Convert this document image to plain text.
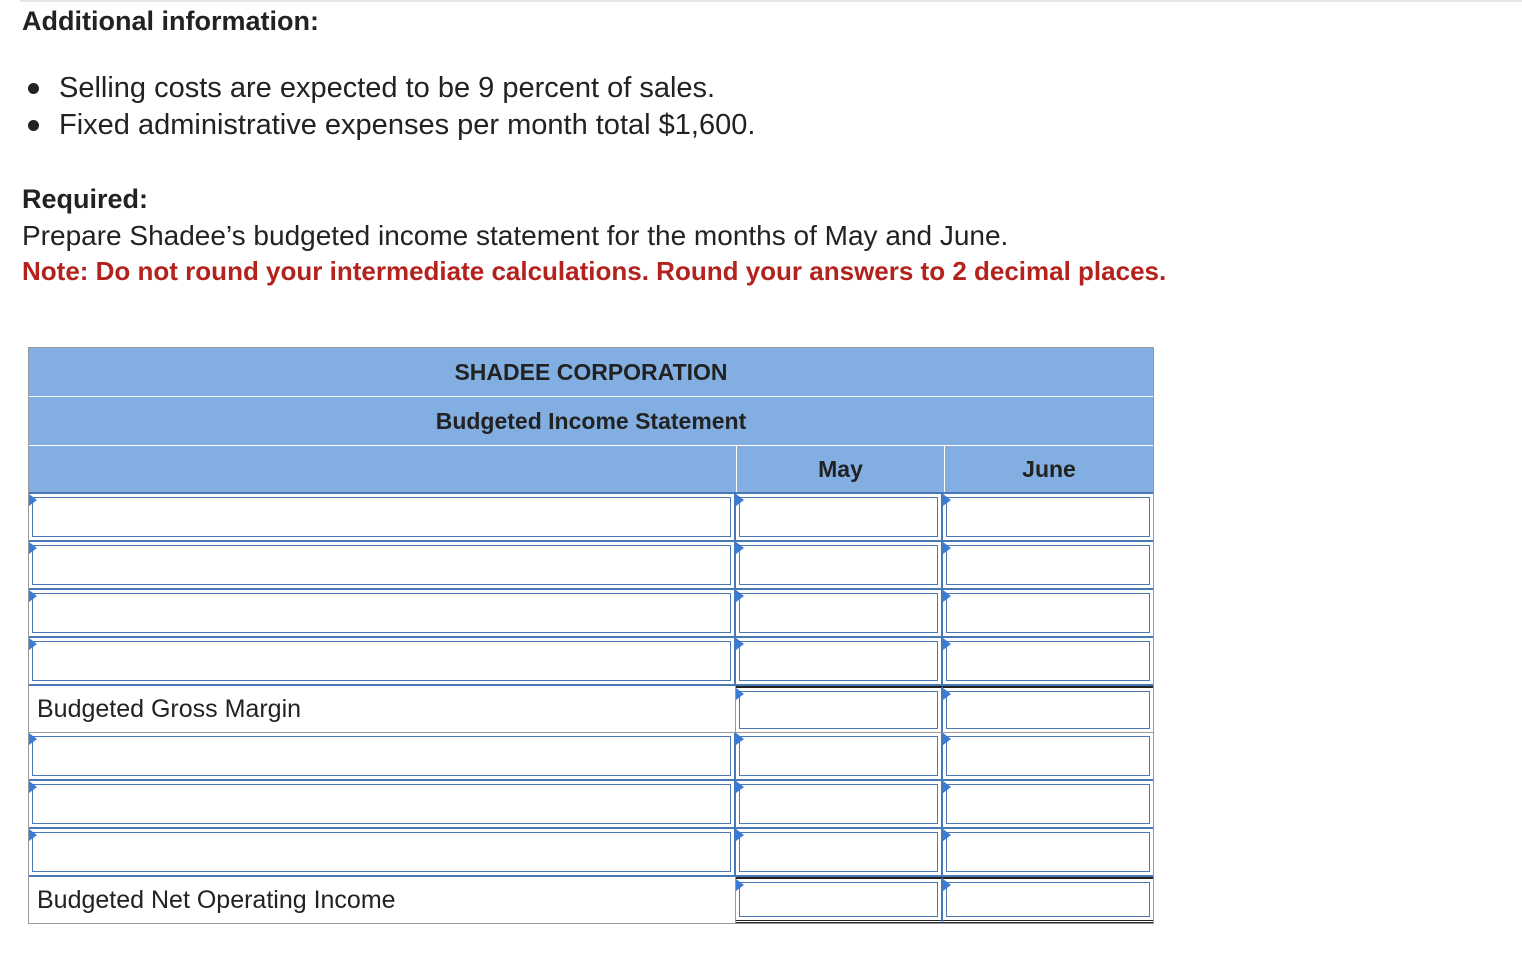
Additional information:
Selling costs are expected to be 9 percent of sales.
Fixed administrative expenses per month total $1,600.
Required:
Prepare Shadee’s budgeted income statement for the months of May and June.
Note: Do not round your intermediate calculations. Round your answers to 2 decimal places.
SHADEE CORPORATION
Budgeted Income Statement
May	June
Budgeted Gross Margin
Budgeted Net Operating Income
